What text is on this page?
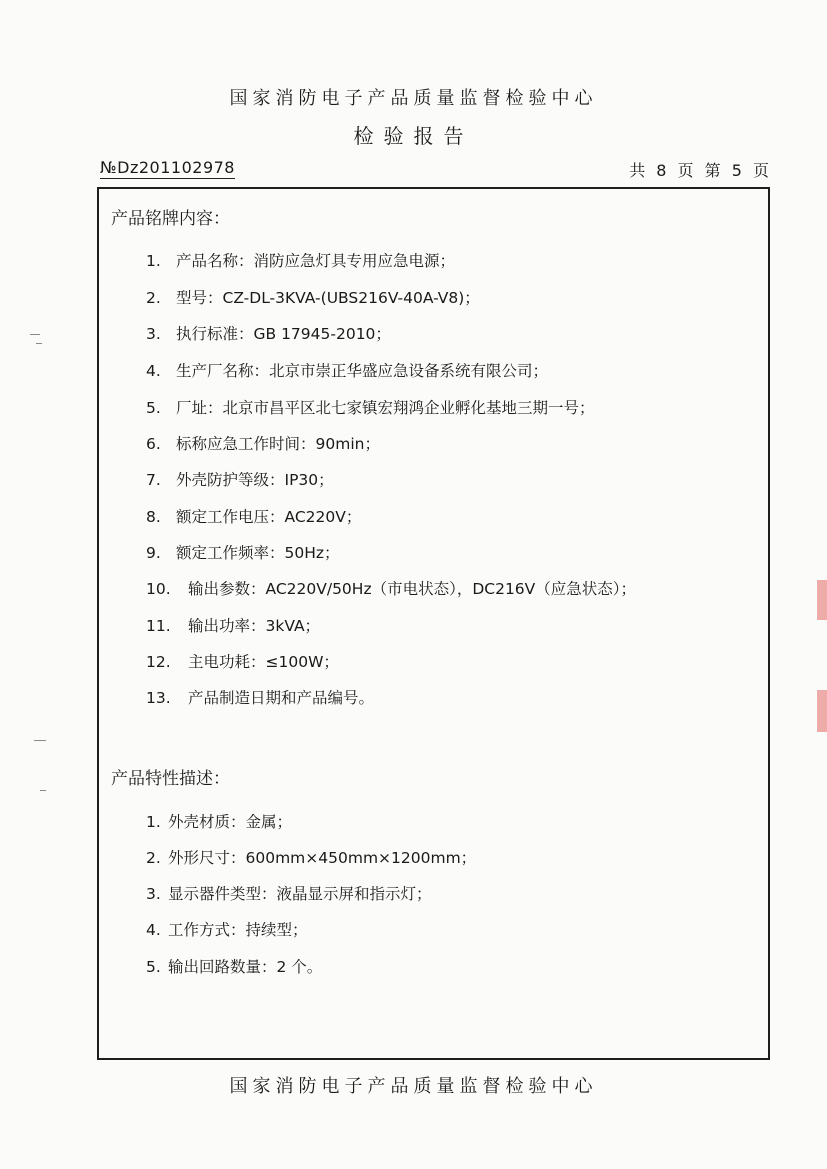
国家消防电子产品质量监督检验中心
检验报告
№Dz201102978	共 8 页 第 5 页
产品铭牌内容：
1. 产品名称：消防应急灯具专用应急电源；
2. 型号：CZ-DL-3KVA-(UBS216V-40A-V8)；
3. 执行标准：GB 17945-2010；
4. 生产厂名称：北京市崇正华盛应急设备系统有限公司；
5. 厂址：北京市昌平区北七家镇宏翔鸿企业孵化基地三期一号；
6. 标称应急工作时间：90min；
7. 外壳防护等级：IP30；
8. 额定工作电压：AC220V；
9. 额定工作频率：50Hz；
10. 输出参数：AC220V/50Hz（市电状态），DC216V（应急状态）；
11. 输出功率：3kVA；
12. 主电功耗：≤100W；
13. 产品制造日期和产品编号。
产品特性描述：
1. 外壳材质：金属；
2. 外形尺寸：600mm×450mm×1200mm；
3. 显示器件类型：液晶显示屏和指示灯；
4. 工作方式：持续型；
5. 输出回路数量：2 个。
国家消防电子产品质量监督检验中心
